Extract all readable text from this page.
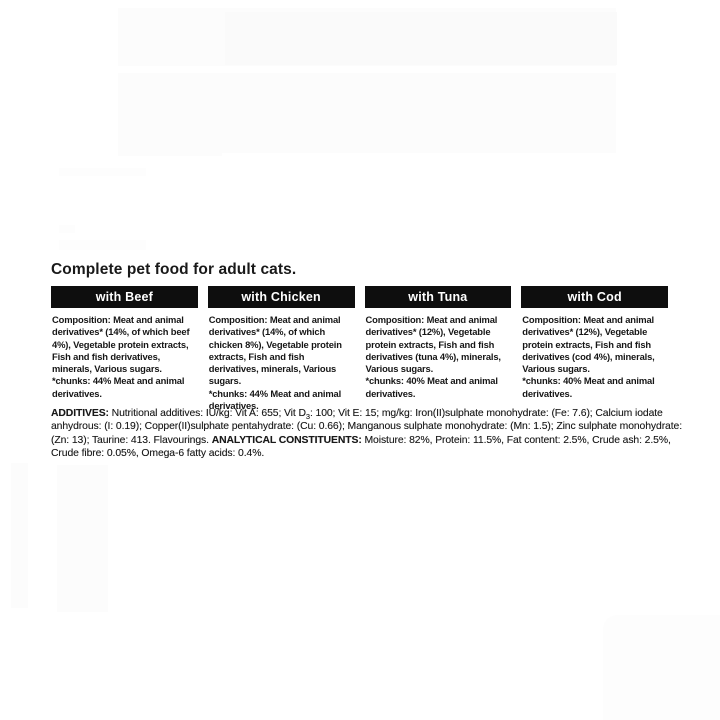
Complete pet food for adult cats.
with Beef

Composition: Meat and animal derivatives* (14%, of which beef 4%), Vegetable protein extracts, Fish and fish derivatives, minerals, Various sugars.
*chunks: 44% Meat and animal derivatives.

with Chicken

Composition: Meat and animal derivatives* (14%, of which chicken 8%), Vegetable protein extracts, Fish and fish derivatives, minerals, Various sugars.
*chunks: 44% Meat and animal derivatives.

with Tuna

Composition: Meat and animal derivatives* (12%), Vegetable protein extracts, Fish and fish derivatives (tuna 4%), minerals, Various sugars.
*chunks: 40% Meat and animal derivatives.

with Cod

Composition: Meat and animal derivatives* (12%), Vegetable protein extracts, Fish and fish derivatives (cod 4%), minerals, Various sugars.
*chunks: 40% Meat and animal derivatives.

ADDITIVES: Nutritional additives: IU/kg: Vit A: 655; Vit $D_3$: 100; Vit E: 15; mg/kg: Iron(II)sulphate monohydrate: (Fe: 7.6); Calcium iodate anhydrous: (I: 0.19); Copper(II)sulphate pentahydrate: (Cu: 0.66); Manganous sulphate monohydrate: (Mn: 1.5); Zinc sulphate monohydrate: (Zn: 13); Taurine: 413. Flavourings. ANALYTICAL CONSTITUENTS: Moisture: 82%, Protein: 11.5%, Fat content: 2.5%, Crude ash: 2.5%, Crude fibre: 0.05%, Omega-6 fatty acids: 0.4%.
